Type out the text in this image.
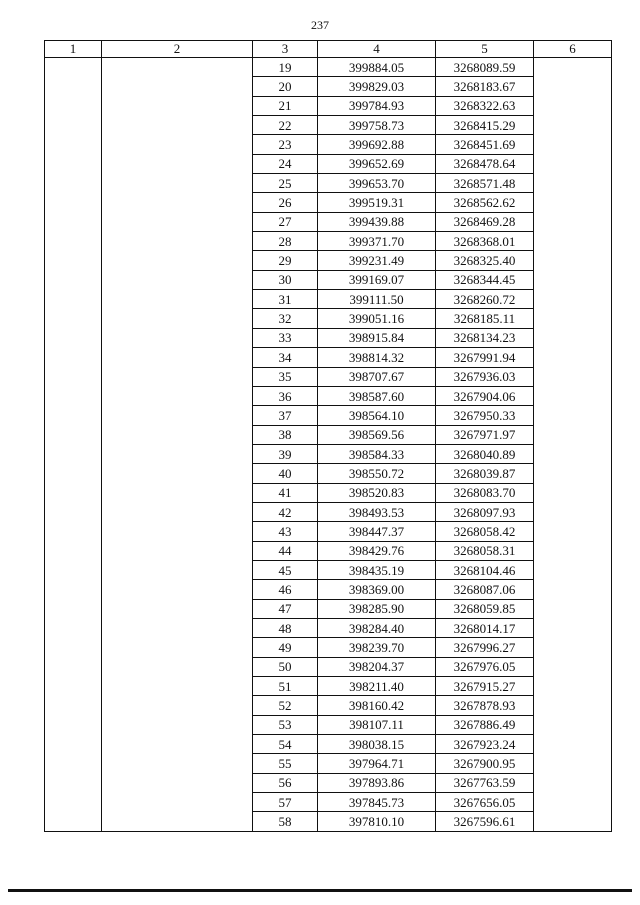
237
1	2	3	4	5	6
		19	399884.05	3268089.59	
		20	399829.03	3268183.67	
		21	399784.93	3268322.63	
		22	399758.73	3268415.29	
		23	399692.88	3268451.69	
		24	399652.69	3268478.64	
		25	399653.70	3268571.48	
		26	399519.31	3268562.62	
		27	399439.88	3268469.28	
		28	399371.70	3268368.01	
		29	399231.49	3268325.40	
		30	399169.07	3268344.45	
		31	399111.50	3268260.72	
		32	399051.16	3268185.11	
		33	398915.84	3268134.23	
		34	398814.32	3267991.94	
		35	398707.67	3267936.03	
		36	398587.60	3267904.06	
		37	398564.10	3267950.33	
		38	398569.56	3267971.97	
		39	398584.33	3268040.89	
		40	398550.72	3268039.87	
		41	398520.83	3268083.70	
		42	398493.53	3268097.93	
		43	398447.37	3268058.42	
		44	398429.76	3268058.31	
		45	398435.19	3268104.46	
		46	398369.00	3268087.06	
		47	398285.90	3268059.85	
		48	398284.40	3268014.17	
		49	398239.70	3267996.27	
		50	398204.37	3267976.05	
		51	398211.40	3267915.27	
		52	398160.42	3267878.93	
		53	398107.11	3267886.49	
		54	398038.15	3267923.24	
		55	397964.71	3267900.95	
		56	397893.86	3267763.59	
		57	397845.73	3267656.05	
		58	397810.10	3267596.61	
